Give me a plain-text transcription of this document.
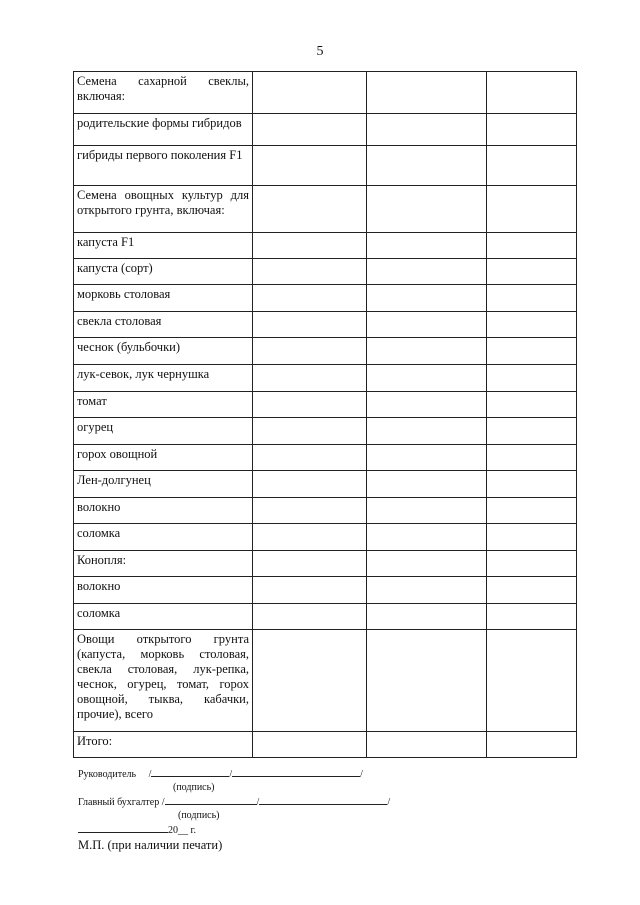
5
Семена сахарной свеклы, включая:			
родительские формы гибридов			
гибриды первого поколения F1			
Семена овощных культур для открытого грунта, включая:			
капуста F1			
капуста (сорт)			
морковь столовая			
свекла столовая			
чеснок (бульбочки)			
лук-севок, лук чернушка			
томат			
огурец			
горох овощной			
Лен-долгунец			
волокно			
соломка			
Конопля:			
волокно			
соломка			
Овощи открытого грунта (капуста, морковь столовая, свекла столовая, лук-репка, чеснок, огурец, томат, горох овощной, тыква, кабачки, прочие), всего			
Итого:			
Руководитель     /	/	/
(подпись)
Главный бухгалтер /	/	/
(подпись)
20__ г.
М.П. (при наличии печати)
